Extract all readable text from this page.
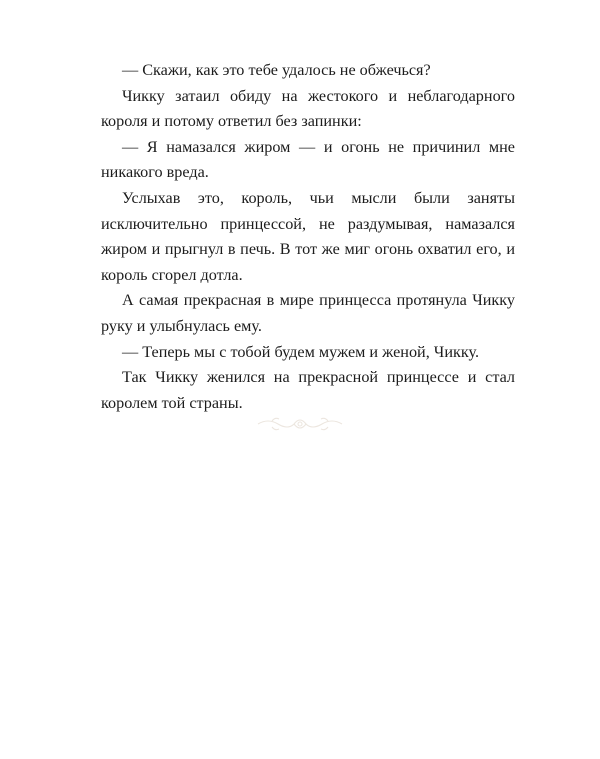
— Скажи, как это тебе удалось не обжечься?

Чикку затаил обиду на жестокого и неблагодарного короля и потому ответил без запинки:

— Я намазался жиром — и огонь не причинил мне никакого вреда.

Услыхав это, король, чьи мысли были заняты исключительно принцессой, не раздумывая, намазался жиром и прыгнул в печь. В тот же миг огонь охватил его, и король сгорел дотла.

А самая прекрасная в мире принцесса протянула Чикку руку и улыбнулась ему.

— Теперь мы с тобой будем мужем и женой, Чикку.

Так Чикку женился на прекрасной принцессе и стал королем той страны.
